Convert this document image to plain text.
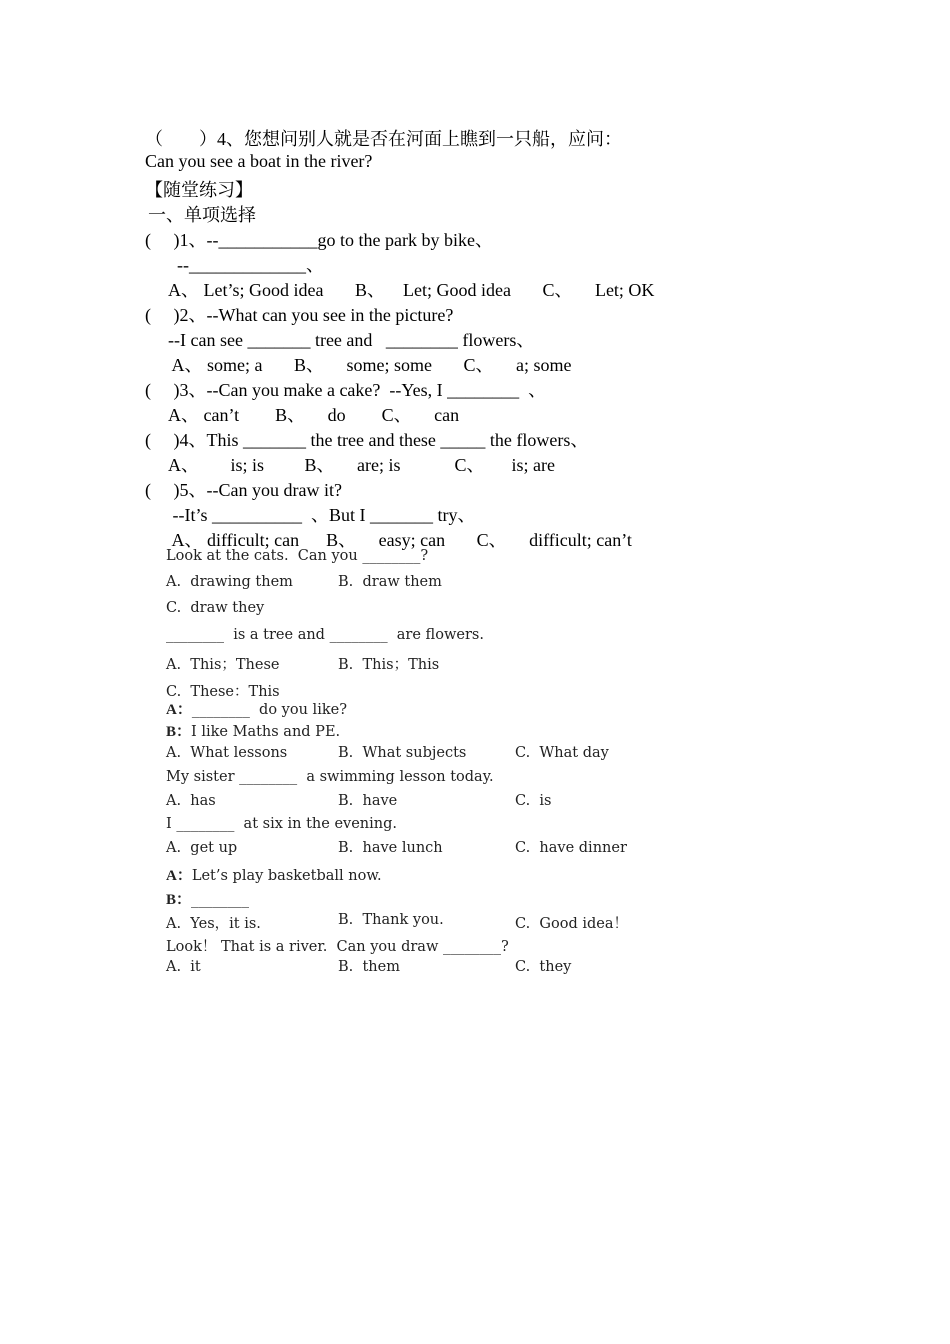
（　　）4、您想问别人就是否在河面上瞧到一只船，应问：
Can you see a boat in the river?
【随堂练习】
一、单项选择
(     )1、--___________go to the park by bike、
--_____________、
A、 Let’s; Good idea       B、    Let; Good idea       C、     Let; OK
(     )2、--What can you see in the picture?
--I can see _______ tree and   ________ flowers、
A、 some; a       B、     some; some       C、     a; some
(     )3、--Can you make a cake?  --Yes, I ________  、
A、 can’t        B、     do        C、     can
(     )4、This _______ the tree and these _____ the flowers、
A、       is; is         B、     are; is            C、      is; are
(     )5、--Can you draw it?
--It’s __________  、But I _______ try、
A、 difficult; can      B、     easy; can       C、     difficult; can’t
Look at the cats.  Can you ________?
A.  drawing them	B.  draw them
C.  draw they
________  is a tree and ________  are flowers.
A.  This；These	B.  This；This
C.  These：This
A：________  do you like?
B：I like Maths and PE.
A.  What lessons	B.  What subjects	C.  What day
My sister ________  a swimming lesson today.
A.  has	B.  have	C.  is
I ________  at six in the evening.
A.  get up	B.  have lunch	C.  have dinner
A：Let’s play basketball now.
B：________
A.  Yes，it is.	B.  Thank you.	C.  Good idea！
Look！ That is a river.  Can you draw ________?
A.  it	B.  them	C.  they
